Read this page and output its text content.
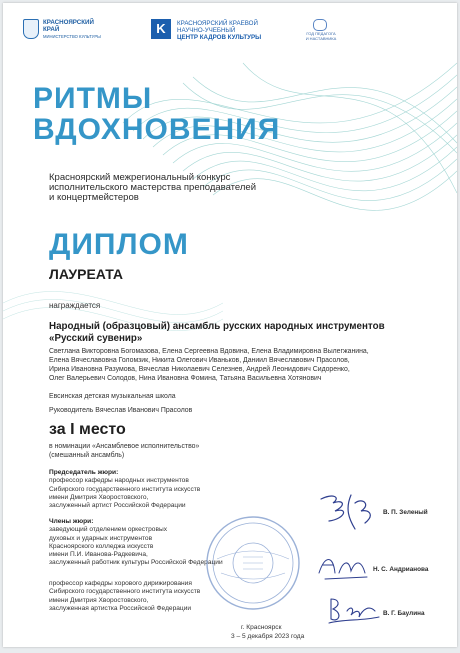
КРАСНОЯРСКИЙ
КРАЙ
МИНИСТЕРСТВО КУЛЬТУРЫ
K	КРАСНОЯРСКИЙ КРАЕВОЙ
НАУЧНО-УЧЕБНЫЙ
ЦЕНТР КАДРОВ КУЛЬТУРЫ
ГОД ПЕДАГОГА
И НАСТАВНИКА
РИТМЫ
ВДОХНОВЕНИЯ
Красноярский межрегиональный конкурс
исполнительского мастерства преподавателей
и концертмейстеров
ДИПЛОМ
ЛАУРЕАТА
награждается
Народный (образцовый) ансамбль русских народных инструментов
«Русский сувенир»
Светлана Викторовна Богомазова, Елена Сергеевна Вдовина, Елена Владимировна Вылегжанина,
Елена Вячеславовна Голомзик, Никита Олегович Иваньков, Даниил Вячеславович Прасолов,
Ирина Ивановна Разумова, Вячеслав Николаевич Селезнев, Андрей Леонидович Сидоренко,
Олег Валерьевич Солодов, Нина Ивановна Фомина, Татьяна Васильевна Хотянович
Евсинская детская музыкальная школа
Руководитель Вячеслав Иванович Прасолов
за I место
в номинации «Ансамблевое исполнительство»
(смешанный ансамбль)
Председатель жюри:
профессор кафедры народных инструментов
Сибирского государственного института искусств
имени Дмитрия Хворостовского,
заслуженный артист Российской Федерации
Члены жюри:
заведующий отделением оркестровых
духовых и ударных инструментов
Красноярского колледжа искусств
имени П.И. Иванова-Радкевича,
заслуженный работник культуры Российской Федерации
профессор кафедры хорового дирижирования
Сибирского государственного института искусств
имени Дмитрия Хворостовского,
заслуженная артистка Российской Федерации
В. П. Зеленый
Н. С. Андрианова
В. Г. Баулина
г. Красноярск
3 – 5 декабря 2023 года
